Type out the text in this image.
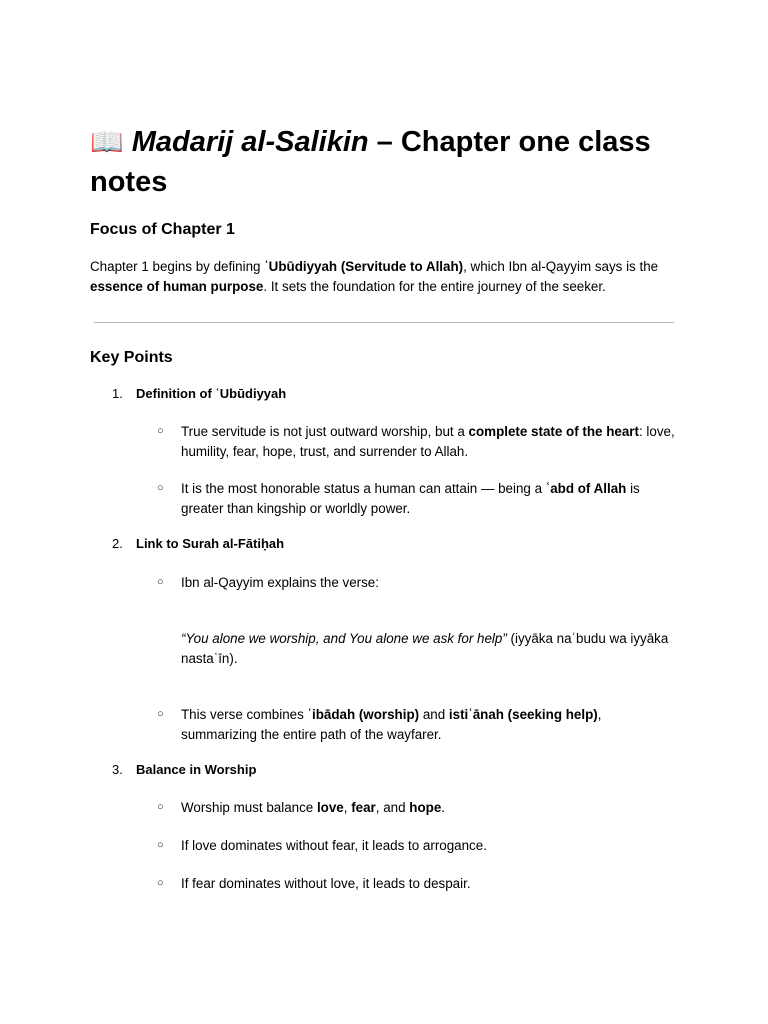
📖 Madarij al-Salikin – Chapter one class notes
Focus of Chapter 1

Chapter 1 begins by defining ʿUbūdiyyah (Servitude to Allah), which Ibn al-Qayyim says is the essence of human purpose. It sets the foundation for the entire journey of the seeker.

Key Points
1. Definition of ʿUbūdiyyah
○ True servitude is not just outward worship, but a complete state of the heart: love, humility, fear, hope, trust, and surrender to Allah.

○ It is the most honorable status a human can attain — being a ʿabd of Allah is greater than kingship or worldly power.

2. Link to Surah al-Fātiḥah
○ Ibn al-Qayyim explains the verse:

“You alone we worship, and You alone we ask for help” (iyyāka naʿbudu wa iyyāka nastaʿīn).

○ This verse combines ʿibādah (worship) and istiʿānah (seeking help), summarizing the entire path of the wayfarer.

3. Balance in Worship
○ Worship must balance love, fear, and hope.

○ If love dominates without fear, it leads to arrogance.

○ If fear dominates without love, it leads to despair.
